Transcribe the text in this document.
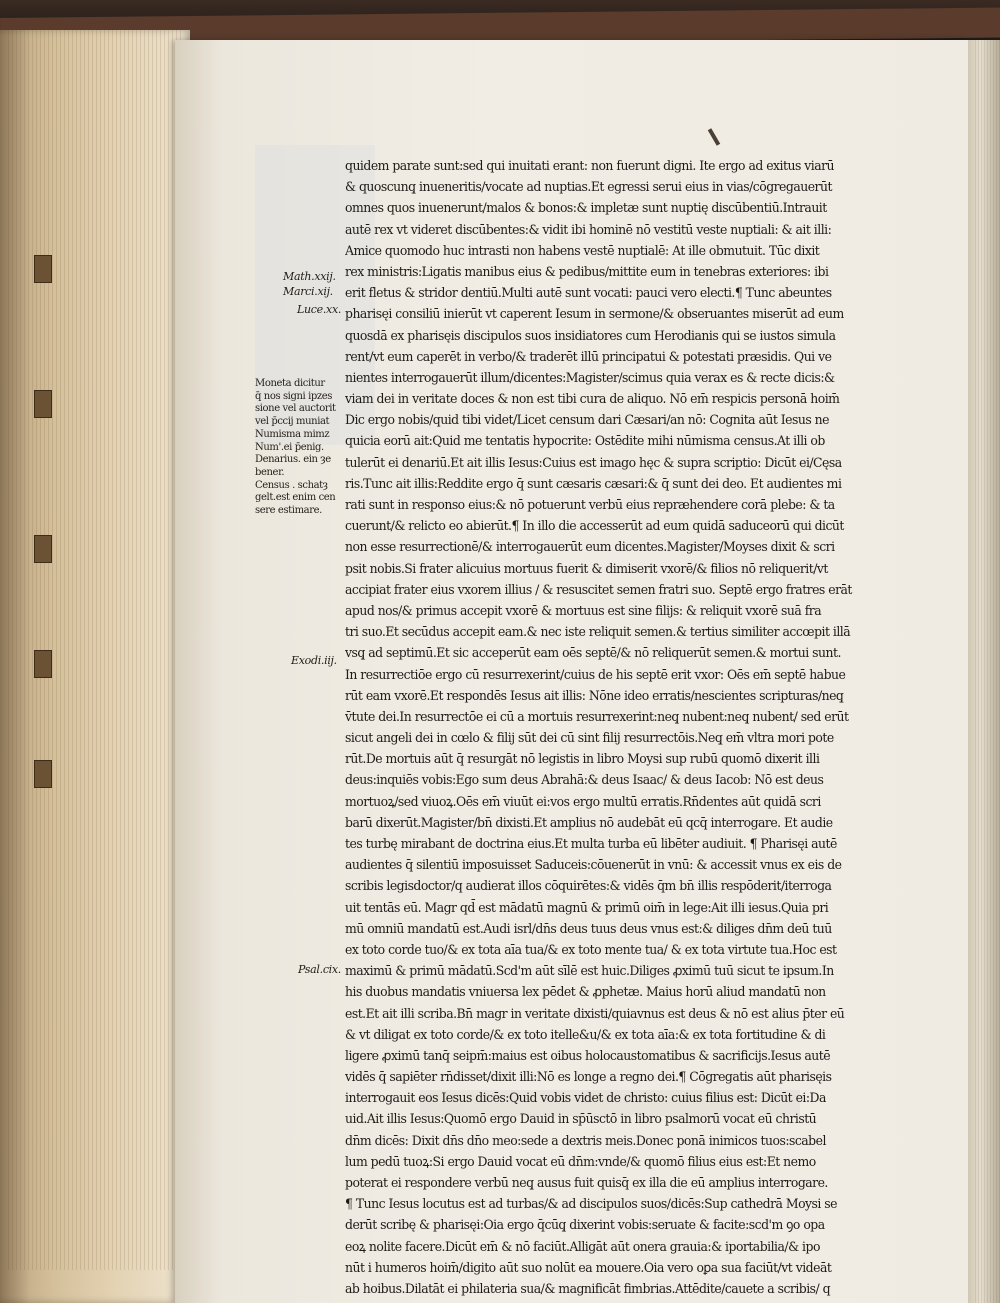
quidem parate sunt:sed qui inuitati erant: non fuerunt digni. Ite ergo ad exitus viarū
& quoscunq̧ inueneritis/vocate ad nuptias.Et egressi serui eius in vias/cōgregauerūt
omnes quos inuenerunt/malos & bonos:& impletæ sunt nuptię discūbentiū.Intrauit
autē rex vt videret discūbentes:& vidit ibi hominē nō vestitū veste nuptiali: & ait illi:
Amice quomodo huc intrasti non habens vestē nuptialē: At ille obmutuit. Tūc dixit
rex ministris:Ligatis manibus eius & pedibus/mittite eum in tenebras exteriores: ibi
erit fletus & stridor dentiū.Multi autē sunt vocati: pauci vero electi.¶ Tunc abeuntes
pharisęi consiliū inierūt vt caperent Iesum in sermone/& obseruantes miserūt ad eum
quosdā ex pharisęis discipulos suos insidiatores cum Herodianis qui se iustos simula
rent/vt eum caperēt in verbo/& traderēt illū principatui & potestati præsidis. Qui ve
nientes interrogauerūt illum/dicentes:Magister/scimus quia verax es & recte dicis:&
viam dei in veritate doces & non est tibi cura de aliquo. Nō em̄ respicis personā hoim̄
Dic ergo nobis/quid tibi videt/Licet censum dari Cæsari/an nō: Cognita aūt Iesus ne
quicia eorū ait:Quid me tentatis hypocrite: Ostēdite mihi nūmisma census.At illi ob
tulerūt ei denariū.Et ait illis Iesus:Cuius est imago hęc & supra scriptio: Dicūt ei/Cęsa
ris.Tunc ait illis:Reddite ergo q̄ sunt cæsaris cæsari:& q̄ sunt dei deo. Et audientes mi
rati sunt in responso eius:& nō potuerunt verbū eius repræhendere corā plebe: & ta
cuerunt/& relicto eo abierūt.¶ In illo die accesserūt ad eum quidā saduceorū qui dicūt
non esse resurrectionē/& interrogauerūt eum dicentes.Magister/Moyses dixit & scri
psit nobis.Si frater alicuius mortuus fuerit & dimiserit vxorē/& filios nō reliquerit/vt
accipiat frater eius vxorem illius / & resuscitet semen fratri suo. Septē ergo fratres erāt
apud nos/& primus accepit vxorē & mortuus est sine filijs: & reliquit vxorē suā fra
tri suo.Et secūdus accepit eam.& nec iste reliquit semen.& tertius similiter accœpit illā
vsq̧ ad septimū.Et sic acceperūt eam oēs septē/& nō reliquerūt semen.& mortui sunt.
In resurrectiōe ergo cū resurrexerint/cuius de his septē erit vxor: Oēs em̄ septē habue
rūt eam vxorē.Et respondēs Iesus ait illis: Nōne ideo erratis/nescientes scripturas/neq̧
v̄tute dei.In resurrectōe ei cū a mortuis resurrexerint:neq̧ nubent:neq̧ nubent/ sed erūt
sicut angeli dei in cœlo & filij sūt dei cū sint filij resurrectōis.Neq̧ em̄ vltra mori pote
rūt.De mortuis aūt q̄ resurgāt nō legistis in libro Moysi sup rubū quomō dixerit illi
deus:inquiēs vobis:Ego sum deus Abrahā:& deus Isaac/ & deus Iacob: Nō est deus
mortuoꝝ/sed viuoꝝ.Oēs em̄ viuūt ei:vos ergo multū erratis.Rn̄dentes aūt quidā scri
barū dixerūt.Magister/bn̄ dixisti.Et amplius nō audebāt eū qcq̄ interrogare. Et audie
tes turbę mirabant de doctrina eius.Et multa turba eū libēter audiuit. ¶ Pharisęi autē
audientes q̄ silentiū imposuisset Saduceis:cōuenerūt in vnū: & accessit vnus ex eis de
scribis legisdoctor/q audierat illos cōquirētes:& vidēs q̄m bn̄ illis respōderit/iterroga
uit tentās eū. Magr qd̄ est mādatū magnū & primū oim̄ in lege:Ait illi iesus.Quia pri
mū omniū mandatū est.Audi isrl/dn̄s deus tuus deus vnus est:& diliges dn̄m deū tuū
ex toto corde tuo/& ex tota aīa tua/& ex toto mente tua/ & ex tota virtute tua.Hoc est
maximū & primū mādatū.Scd'm aūt sīlē est huic.Diliges ꝓximū tuū sicut te ipsum.In
his duobus mandatis vniuersa lex pēdet & ꝓphetæ. Maius horū aliud mandatū non
est.Et ait illi scriba.Bn̄ magr in veritate dixisti/quiavnus est deus & nō est alius p̄ter eū
& vt diligat ex toto corde/& ex toto itelle&u/& ex tota aīa:& ex tota fortitudine & di
ligere ꝓximū tanq̄ seipm̄:maius est oibus holocaustomatibus & sacrificijs.Iesus autē
vidēs q̄ sapiēter rn̄disset/dixit illi:Nō es longe a regno dei.¶ Cōgregatis aūt pharisęis
interrogauit eos Iesus dicēs:Quid vobis videt de christo: cuius filius est: Dicūt ei:Da
uid.Ait illis Iesus:Quomō ergo Dauid in sp̄ūsctō in libro psalmorū vocat eū christū
dn̄m dicēs: Dixit dn̄s dn̄o meo:sede a dextris meis.Donec ponā inimicos tuos:scabel
lum pedū tuoꝝ:Si ergo Dauid vocat eū dn̄m:vnde/& quomō filius eius est:Et nemo
poterat ei respondere verbū neq̧ ausus fuit quisq̄ ex illa die eū amplius interrogare.
¶ Tunc Iesus locutus est ad turbas/& ad discipulos suos/dicēs:Sup cathedrā Moysi se
derūt scribę & pharisęi:Oia ergo q̄cūq̧ dixerint vobis:seruate & facite:scd'm ꝯo opa
eoꝝ nolite facere.Dicūt em̄ & nō faciūt.Alligāt aūt onera grauia:& iportabilia/& ipo
nūt i humeros hoim̄/digito aūt suo nolūt ea mouere.Oia vero oꝑa sua faciūt/vt videāt
ab hoibus.Dilatāt ei philateria sua/& magnificāt fimbrias.Attēdite/cauete a scribis/ q
Math.xxij.
Marci.xij.
Luce.xx.
Moneta dicitur
q̄ nos signi ipzes
sione vel auctorit
vel p̄ccij muniat
Numisma mimz
Num'.ei p̄enig.
Denarius. ein ȝe
bener.
Census . schatȝ
gelt.est enim cen
sere estimare.
Exodi.iij.
Psal.cix.
